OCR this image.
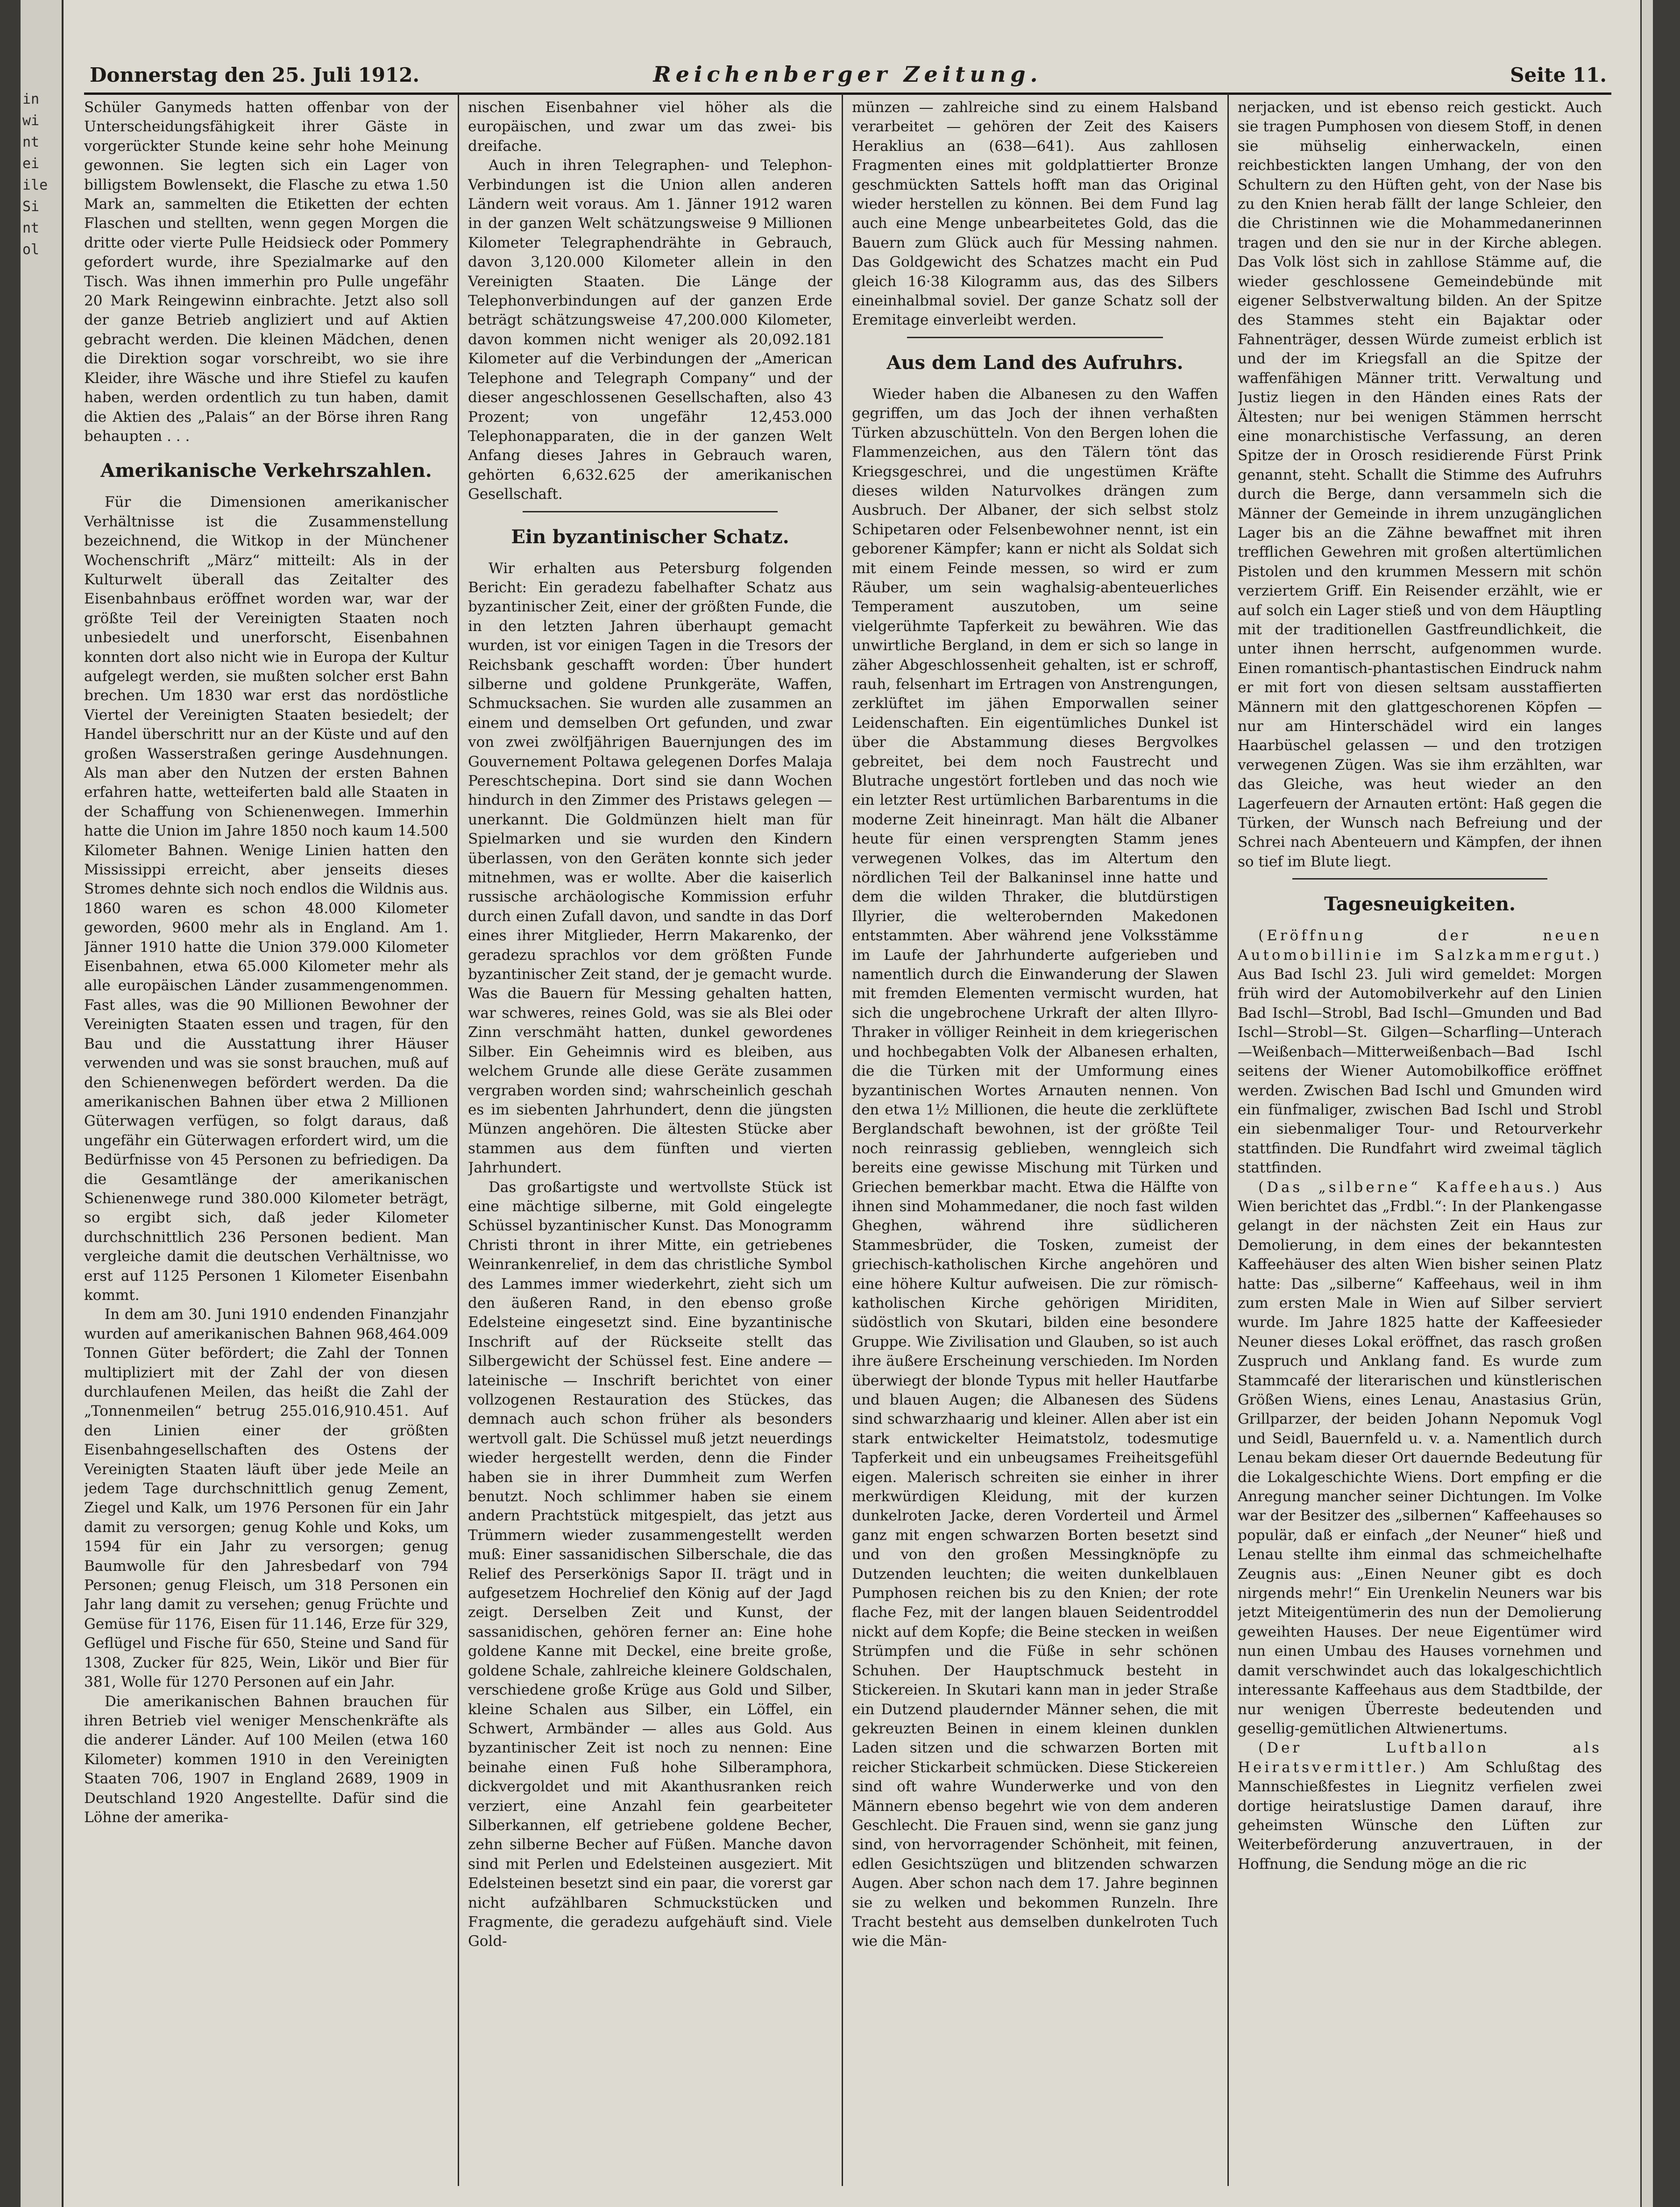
in
wi
nt
ei
ile
Si
nt
ol
Donnerstag den 25. Juli 1912.	Reichenberger Zeitung.	Seite 11.

Schüler Ganymeds hatten offenbar von der Unterscheidungsfähigkeit ihrer Gäste in vorgerückter Stunde keine sehr hohe Meinung gewonnen. Sie legten sich ein Lager von billigstem Bowlensekt, die Flasche zu etwa 1.50 Mark an, sammelten die Etiketten der echten Flaschen und stellten, wenn gegen Morgen die dritte oder vierte Pulle Heidsieck oder Pommery gefordert wurde, ihre Spezialmarke auf den Tisch. Was ihnen immerhin pro Pulle ungefähr 20 Mark Reingewinn einbrachte. Jetzt also soll der ganze Betrieb angliziert und auf Aktien gebracht werden. Die kleinen Mädchen, denen die Direktion sogar vorschreibt, wo sie ihre Kleider, ihre Wäsche und ihre Stiefel zu kaufen haben, werden ordentlich zu tun haben, damit die Aktien des „Palais“ an der Börse ihren Rang behaupten . . .

Amerikanische Verkehrszahlen.

Für die Dimensionen amerikanischer Verhältnisse ist die Zusammenstellung bezeichnend, die Witkop in der Münchener Wochenschrift „März“ mitteilt: Als in der Kulturwelt überall das Zeitalter des Eisenbahnbaus eröffnet worden war, war der größte Teil der Vereinigten Staaten noch unbesiedelt und unerforscht, Eisenbahnen konnten dort also nicht wie in Europa der Kultur aufgelegt werden, sie mußten solcher erst Bahn brechen. Um 1830 war erst das nordöstliche Viertel der Vereinigten Staaten besiedelt; der Handel überschritt nur an der Küste und auf den großen Wasserstraßen geringe Ausdehnungen. Als man aber den Nutzen der ersten Bahnen erfahren hatte, wetteiferten bald alle Staaten in der Schaffung von Schienenwegen. Immerhin hatte die Union im Jahre 1850 noch kaum 14.500 Kilometer Bahnen. Wenige Linien hatten den Mississippi erreicht, aber jenseits dieses Stromes dehnte sich noch endlos die Wildnis aus. 1860 waren es schon 48.000 Kilometer geworden, 9600 mehr als in England. Am 1. Jänner 1910 hatte die Union 379.000 Kilometer Eisenbahnen, etwa 65.000 Kilometer mehr als alle europäischen Länder zusammengenommen. Fast alles, was die 90 Millionen Bewohner der Vereinigten Staaten essen und tragen, für den Bau und die Ausstattung ihrer Häuser verwenden und was sie sonst brauchen, muß auf den Schienenwegen befördert werden. Da die amerikanischen Bahnen über etwa 2 Millionen Güterwagen verfügen, so folgt daraus, daß ungefähr ein Güterwagen erfordert wird, um die Bedürfnisse von 45 Personen zu befriedigen. Da die Gesamtlänge der amerikanischen Schienenwege rund 380.000 Kilometer beträgt, so ergibt sich, daß jeder Kilometer durchschnittlich 236 Personen bedient. Man vergleiche damit die deutschen Verhältnisse, wo erst auf 1125 Personen 1 Kilometer Eisenbahn kommt.

In dem am 30. Juni 1910 endenden Finanzjahr wurden auf amerikanischen Bahnen 968,464.009 Tonnen Güter befördert; die Zahl der Tonnen multipliziert mit der Zahl der von diesen durchlaufenen Meilen, das heißt die Zahl der „Tonnenmeilen“ betrug 255.016,910.451. Auf den Linien einer der größten Eisenbahngesellschaften des Ostens der Vereinigten Staaten läuft über jede Meile an jedem Tage durchschnittlich genug Zement, Ziegel und Kalk, um 1976 Personen für ein Jahr damit zu versorgen; genug Kohle und Koks, um 1594 für ein Jahr zu versorgen; genug Baumwolle für den Jahresbedarf von 794 Personen; genug Fleisch, um 318 Personen ein Jahr lang damit zu versehen; genug Früchte und Gemüse für 1176, Eisen für 11.146, Erze für 329, Geflügel und Fische für 650, Steine und Sand für 1308, Zucker für 825, Wein, Likör und Bier für 381, Wolle für 1270 Personen auf ein Jahr.

Die amerikanischen Bahnen brauchen für ihren Betrieb viel weniger Menschenkräfte als die anderer Länder. Auf 100 Meilen (etwa 160 Kilometer) kommen 1910 in den Vereinigten Staaten 706, 1907 in England 2689, 1909 in Deutschland 1920 Angestellte. Dafür sind die Löhne der amerika-

nischen Eisenbahner viel höher als die europäischen, und zwar um das zwei- bis dreifache.

Auch in ihren Telegraphen- und Telephon-Verbindungen ist die Union allen anderen Ländern weit voraus. Am 1. Jänner 1912 waren in der ganzen Welt schätzungsweise 9 Millionen Kilometer Telegraphendrähte in Gebrauch, davon 3,120.000 Kilometer allein in den Vereinigten Staaten. Die Länge der Telephonverbindungen auf der ganzen Erde beträgt schätzungsweise 47,200.000 Kilometer, davon kommen nicht weniger als 20,092.181 Kilometer auf die Verbindungen der „American Telephone and Telegraph Company“ und der dieser angeschlossenen Gesellschaften, also 43 Prozent; von ungefähr 12,453.000 Telephonapparaten, die in der ganzen Welt Anfang dieses Jahres in Gebrauch waren, gehörten 6,632.625 der amerikanischen Gesellschaft.

Ein byzantinischer Schatz.

Wir erhalten aus Petersburg folgenden Bericht: Ein geradezu fabelhafter Schatz aus byzantinischer Zeit, einer der größten Funde, die in den letzten Jahren überhaupt gemacht wurden, ist vor einigen Tagen in die Tresors der Reichsbank geschafft worden: Über hundert silberne und goldene Prunkgeräte, Waffen, Schmucksachen. Sie wurden alle zusammen an einem und demselben Ort gefunden, und zwar von zwei zwölfjährigen Bauernjungen des im Gouvernement Poltawa gelegenen Dorfes Malaja Pereschtschepina. Dort sind sie dann Wochen hindurch in den Zimmer des Pristaws gelegen — unerkannt. Die Goldmünzen hielt man für Spielmarken und sie wurden den Kindern überlassen, von den Geräten konnte sich jeder mitnehmen, was er wollte. Aber die kaiserlich russische archäologische Kommission erfuhr durch einen Zufall davon, und sandte in das Dorf eines ihrer Mitglieder, Herrn Makarenko, der geradezu sprachlos vor dem größten Funde byzantinischer Zeit stand, der je gemacht wurde. Was die Bauern für Messing gehalten hatten, war schweres, reines Gold, was sie als Blei oder Zinn verschmäht hatten, dunkel gewordenes Silber. Ein Geheimnis wird es bleiben, aus welchem Grunde alle diese Geräte zusammen vergraben worden sind; wahrscheinlich geschah es im siebenten Jahrhundert, denn die jüngsten Münzen angehören. Die ältesten Stücke aber stammen aus dem fünften und vierten Jahrhundert.

Das großartigste und wertvollste Stück ist eine mächtige silberne, mit Gold eingelegte Schüssel byzantinischer Kunst. Das Monogramm Christi thront in ihrer Mitte, ein getriebenes Weinrankenrelief, in dem das christliche Symbol des Lammes immer wiederkehrt, zieht sich um den äußeren Rand, in den ebenso große Edelsteine eingesetzt sind. Eine byzantinische Inschrift auf der Rückseite stellt das Silbergewicht der Schüssel fest. Eine andere — lateinische — Inschrift berichtet von einer vollzogenen Restauration des Stückes, das demnach auch schon früher als besonders wertvoll galt. Die Schüssel muß jetzt neuerdings wieder hergestellt werden, denn die Finder haben sie in ihrer Dummheit zum Werfen benutzt. Noch schlimmer haben sie einem andern Prachtstück mitgespielt, das jetzt aus Trümmern wieder zusammengestellt werden muß: Einer sassanidischen Silberschale, die das Relief des Perserkönigs Sapor II. trägt und in aufgesetzem Hochrelief den König auf der Jagd zeigt. Derselben Zeit und Kunst, der sassanidischen, gehören ferner an: Eine hohe goldene Kanne mit Deckel, eine breite große, goldene Schale, zahlreiche kleinere Goldschalen, verschiedene große Krüge aus Gold und Silber, kleine Schalen aus Silber, ein Löffel, ein Schwert, Armbänder — alles aus Gold. Aus byzantinischer Zeit ist noch zu nennen: Eine beinahe einen Fuß hohe Silberamphora, dickvergoldet und mit Akanthusranken reich verziert, eine Anzahl fein gearbeiteter Silberkannen, elf getriebene goldene Becher, zehn silberne Becher auf Füßen. Manche davon sind mit Perlen und Edelsteinen ausgeziert. Mit Edelsteinen besetzt sind ein paar, die vorerst gar nicht aufzählbaren Schmuckstücken und Fragmente, die geradezu aufgehäuft sind. Viele Gold-

münzen — zahlreiche sind zu einem Halsband verarbeitet — gehören der Zeit des Kaisers Heraklius an (638—641). Aus zahllosen Fragmenten eines mit goldplattierter Bronze geschmückten Sattels hofft man das Original wieder herstellen zu können. Bei dem Fund lag auch eine Menge unbearbeitetes Gold, das die Bauern zum Glück auch für Messing nahmen. Das Goldgewicht des Schatzes macht ein Pud gleich 16·38 Kilogramm aus, das des Silbers eineinhalbmal soviel. Der ganze Schatz soll der Eremitage einverleibt werden.

Aus dem Land des Aufruhrs.

Wieder haben die Albanesen zu den Waffen gegriffen, um das Joch der ihnen verhaßten Türken abzuschütteln. Von den Bergen lohen die Flammenzeichen, aus den Tälern tönt das Kriegsgeschrei, und die ungestümen Kräfte dieses wilden Naturvolkes drängen zum Ausbruch. Der Albaner, der sich selbst stolz Schipetaren oder Felsenbewohner nennt, ist ein geborener Kämpfer; kann er nicht als Soldat sich mit einem Feinde messen, so wird er zum Räuber, um sein waghalsig-abenteuerliches Temperament auszutoben, um seine vielgerühmte Tapferkeit zu bewähren. Wie das unwirtliche Bergland, in dem er sich so lange in zäher Abgeschlossenheit gehalten, ist er schroff, rauh, felsenhart im Ertragen von Anstrengungen, zerklüftet im jähen Emporwallen seiner Leidenschaften. Ein eigentümliches Dunkel ist über die Abstammung dieses Bergvolkes gebreitet, bei dem noch Faustrecht und Blutrache ungestört fortleben und das noch wie ein letzter Rest urtümlichen Barbarentums in die moderne Zeit hineinragt. Man hält die Albaner heute für einen versprengten Stamm jenes verwegenen Volkes, das im Altertum den nördlichen Teil der Balkaninsel inne hatte und dem die wilden Thraker, die blutdürstigen Illyrier, die welterobernden Makedonen entstammten. Aber während jene Volksstämme im Laufe der Jahrhunderte aufgerieben und namentlich durch die Einwanderung der Slawen mit fremden Elementen vermischt wurden, hat sich die ungebrochene Urkraft der alten Illyro-Thraker in völliger Reinheit in dem kriegerischen und hochbegabten Volk der Albanesen erhalten, die die Türken mit der Umformung eines byzantinischen Wortes Arnauten nennen. Von den etwa 1½ Millionen, die heute die zerklüftete Berglandschaft bewohnen, ist der größte Teil noch reinrassig geblieben, wenngleich sich bereits eine gewisse Mischung mit Türken und Griechen bemerkbar macht. Etwa die Hälfte von ihnen sind Mohammedaner, die noch fast wilden Gheghen, während ihre südlicheren Stammesbrüder, die Tosken, zumeist der griechisch-katholischen Kirche angehören und eine höhere Kultur aufweisen. Die zur römisch-katholischen Kirche gehörigen Miriditen, südöstlich von Skutari, bilden eine besondere Gruppe. Wie Zivilisation und Glauben, so ist auch ihre äußere Erscheinung verschieden. Im Norden überwiegt der blonde Typus mit heller Hautfarbe und blauen Augen; die Albanesen des Südens sind schwarzhaarig und kleiner. Allen aber ist ein stark entwickelter Heimatstolz, todesmutige Tapferkeit und ein unbeugsames Freiheitsgefühl eigen. Malerisch schreiten sie einher in ihrer merkwürdigen Kleidung, mit der kurzen dunkelroten Jacke, deren Vorderteil und Ärmel ganz mit engen schwarzen Borten besetzt sind und von den großen Messingknöpfe zu Dutzenden leuchten; die weiten dunkelblauen Pumphosen reichen bis zu den Knien; der rote flache Fez, mit der langen blauen Seidentroddel nickt auf dem Kopfe; die Beine stecken in weißen Strümpfen und die Füße in sehr schönen Schuhen. Der Hauptschmuck besteht in Stickereien. In Skutari kann man in jeder Straße ein Dutzend plaudernder Männer sehen, die mit gekreuzten Beinen in einem kleinen dunklen Laden sitzen und die schwarzen Borten mit reicher Stickarbeit schmücken. Diese Stickereien sind oft wahre Wunderwerke und von den Männern ebenso begehrt wie von dem anderen Geschlecht. Die Frauen sind, wenn sie ganz jung sind, von hervorragender Schönheit, mit feinen, edlen Gesichtszügen und blitzenden schwarzen Augen. Aber schon nach dem 17. Jahre beginnen sie zu welken und bekommen Runzeln. Ihre Tracht besteht aus demselben dunkelroten Tuch wie die Män-

nerjacken, und ist ebenso reich gestickt. Auch sie tragen Pumphosen von diesem Stoff, in denen sie mühselig einherwackeln, einen reichbestickten langen Umhang, der von den Schultern zu den Hüften geht, von der Nase bis zu den Knien herab fällt der lange Schleier, den die Christinnen wie die Mohammedanerinnen tragen und den sie nur in der Kirche ablegen. Das Volk löst sich in zahllose Stämme auf, die wieder geschlossene Gemeindebünde mit eigener Selbstverwaltung bilden. An der Spitze des Stammes steht ein Bajaktar oder Fahnenträger, dessen Würde zumeist erblich ist und der im Kriegsfall an die Spitze der waffenfähigen Männer tritt. Verwaltung und Justiz liegen in den Händen eines Rats der Ältesten; nur bei wenigen Stämmen herrscht eine monarchistische Verfassung, an deren Spitze der in Orosch residierende Fürst Prink genannt, steht. Schallt die Stimme des Aufruhrs durch die Berge, dann versammeln sich die Männer der Gemeinde in ihrem unzugänglichen Lager bis an die Zähne bewaffnet mit ihren trefflichen Gewehren mit großen altertümlichen Pistolen und den krummen Messern mit schön verziertem Griff. Ein Reisender erzählt, wie er auf solch ein Lager stieß und von dem Häuptling mit der traditionellen Gastfreundlichkeit, die unter ihnen herrscht, aufgenommen wurde. Einen romantisch-phantastischen Eindruck nahm er mit fort von diesen seltsam ausstaffierten Männern mit den glattgeschorenen Köpfen — nur am Hinterschädel wird ein langes Haarbüschel gelassen — und den trotzigen verwegenen Zügen. Was sie ihm erzählten, war das Gleiche, was heut wieder an den Lagerfeuern der Arnauten ertönt: Haß gegen die Türken, der Wunsch nach Befreiung und der Schrei nach Abenteuern und Kämpfen, der ihnen so tief im Blute liegt.

Tagesneuigkeiten.

(Eröffnung der neuen Automobillinie im Salzkammergut.) Aus Bad Ischl 23. Juli wird gemeldet: Morgen früh wird der Automobilverkehr auf den Linien Bad Ischl—Strobl, Bad Ischl—Gmunden und Bad Ischl—Strobl—St. Gilgen—Scharfling—Unterach—Weißenbach—Mitterweißenbach—Bad Ischl seitens der Wiener Automobilkoffice eröffnet werden. Zwischen Bad Ischl und Gmunden wird ein fünfmaliger, zwischen Bad Ischl und Strobl ein siebenmaliger Tour- und Retourverkehr stattfinden. Die Rundfahrt wird zweimal täglich stattfinden.

(Das „silberne“ Kaffeehaus.) Aus Wien berichtet das „Frdbl.“: In der Plankengasse gelangt in der nächsten Zeit ein Haus zur Demolierung, in dem eines der bekanntesten Kaffeehäuser des alten Wien bisher seinen Platz hatte: Das „silberne“ Kaffeehaus, weil in ihm zum ersten Male in Wien auf Silber serviert wurde. Im Jahre 1825 hatte der Kaffeesieder Neuner dieses Lokal eröffnet, das rasch großen Zuspruch und Anklang fand. Es wurde zum Stammcafé der literarischen und künstlerischen Größen Wiens, eines Lenau, Anastasius Grün, Grillparzer, der beiden Johann Nepomuk Vogl und Seidl, Bauernfeld u. v. a. Namentlich durch Lenau bekam dieser Ort dauernde Bedeutung für die Lokalgeschichte Wiens. Dort empfing er die Anregung mancher seiner Dichtungen. Im Volke war der Besitzer des „silbernen“ Kaffeehauses so populär, daß er einfach „der Neuner“ hieß und Lenau stellte ihm einmal das schmeichelhafte Zeugnis aus: „Einen Neuner gibt es doch nirgends mehr!“ Ein Urenkelin Neuners war bis jetzt Miteigentümerin des nun der Demolierung geweihten Hauses. Der neue Eigentümer wird nun einen Umbau des Hauses vornehmen und damit verschwindet auch das lokalgeschichtlich interessante Kaffeehaus aus dem Stadtbilde, der nur wenigen Überreste bedeutenden und gesellig-gemütlichen Altwienertums.

(Der Luftballon als Heiratsvermittler.) Am Schlußtag des Mannschießfestes in Liegnitz verfielen zwei dortige heiratslustige Damen darauf, ihre geheimsten Wünsche den Lüften zur Weiterbeförderung anzuvertrauen, in der Hoffnung, die Sendung möge an die ric
